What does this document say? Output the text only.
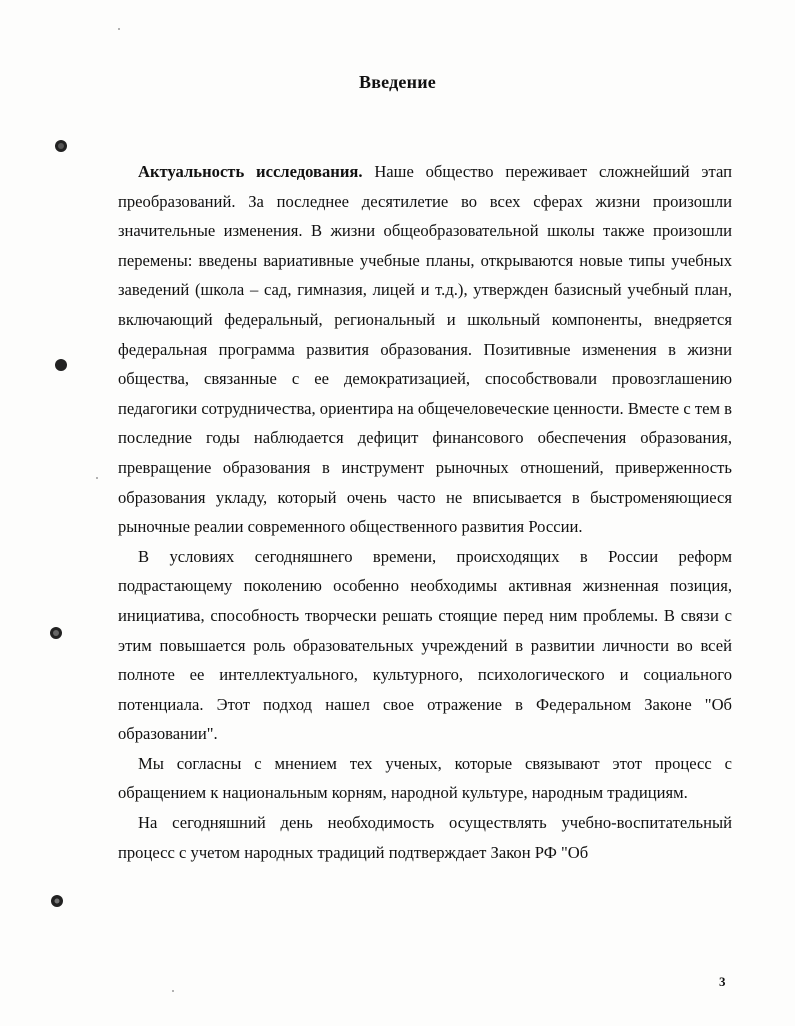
Введение

Актуальность исследования. Наше общество переживает сложнейший этап преобразований. За последнее десятилетие во всех сферах жизни произошли значительные изменения. В жизни общеобразовательной школы также произошли перемены: введены вариативные учебные планы, открываются новые типы учебных заведений (школа – сад, гимназия, лицей и т.д.), утвержден базисный учебный план, включающий федеральный, региональный и школьный компоненты, внедряется федеральная программа развития образования. Позитивные изменения в жизни общества, связанные с ее демократизацией, способствовали провозглашению педагогики сотрудничества, ориентира на общечеловеческие ценности. Вместе с тем в последние годы наблюдается дефицит финансового обеспечения образования, превращение образования в инструмент рыночных отношений, приверженность образования укладу, который очень часто не вписывается в быстроменяющиеся рыночные реалии современного общественного развития России.

В условиях сегодняшнего времени, происходящих в России реформ подрастающему поколению особенно необходимы активная жизненная позиция, инициатива, способность творчески решать стоящие перед ним проблемы. В связи с этим повышается роль образовательных учреждений в развитии личности во всей полноте ее интеллектуального, культурного, психологического и социального потенциала. Этот подход нашел свое отражение в Федеральном Законе "Об образовании".

Мы согласны с мнением тех ученых, которые связывают этот процесс с обращением к национальным корням, народной культуре, народным традициям.

На сегодняшний день необходимость осуществлять учебно-воспитательный процесс с учетом народных традиций подтверждает Закон РФ "Об

3
